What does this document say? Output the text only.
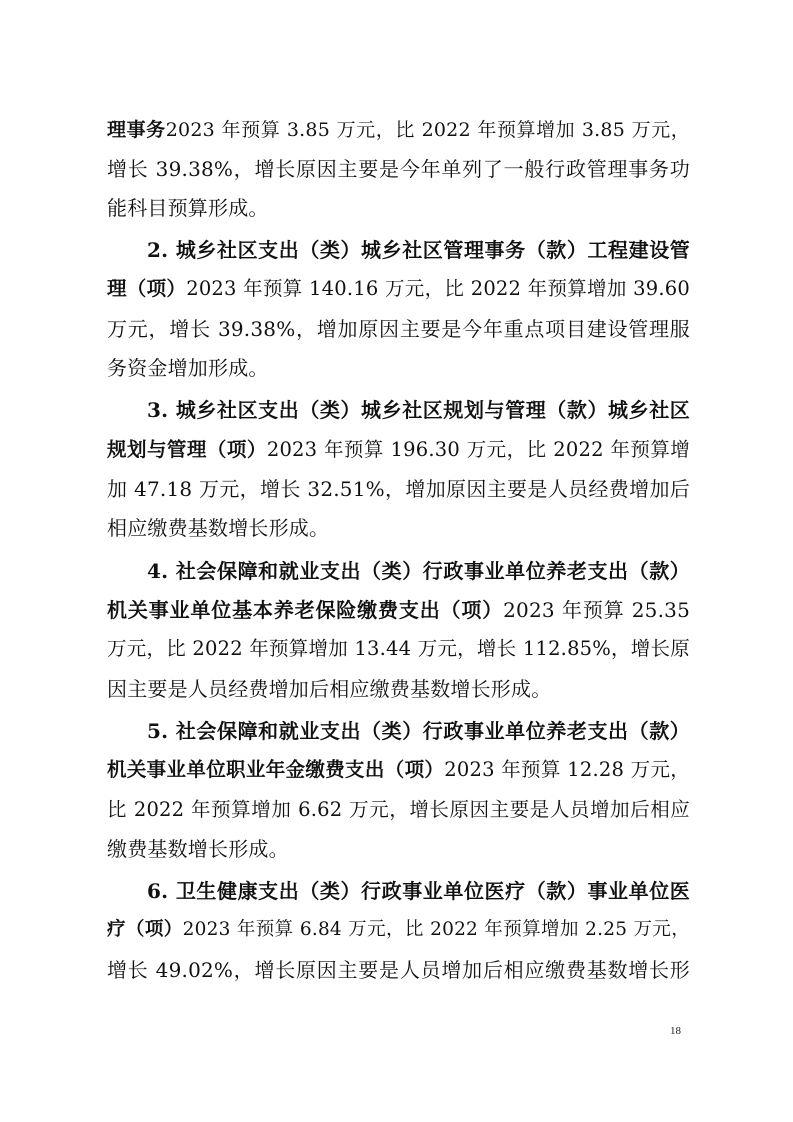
理事务2023 年预算 3.85 万元，比 2022 年预算增加 3.85 万元，
增长 39.38%，增长原因主要是今年单列了一般行政管理事务功
能科目预算形成。
2. 城乡社区支出（类）城乡社区管理事务（款）工程建设管
理（项）2023 年预算 140.16 万元，比 2022 年预算增加 39.60
万元，增长 39.38%，增加原因主要是今年重点项目建设管理服
务资金增加形成。
3. 城乡社区支出（类）城乡社区规划与管理（款）城乡社区
规划与管理（项）2023 年预算 196.30 万元，比 2022 年预算增
加 47.18 万元，增长 32.51%，增加原因主要是人员经费增加后
相应缴费基数增长形成。
4. 社会保障和就业支出（类）行政事业单位养老支出（款）
机关事业单位基本养老保险缴费支出（项）2023 年预算 25.35
万元，比 2022 年预算增加 13.44 万元，增长 112.85%，增长原
因主要是人员经费增加后相应缴费基数增长形成。
5. 社会保障和就业支出（类）行政事业单位养老支出（款）
机关事业单位职业年金缴费支出（项）2023 年预算 12.28 万元，
比 2022 年预算增加 6.62 万元，增长原因主要是人员增加后相应
缴费基数增长形成。
6. 卫生健康支出（类）行政事业单位医疗（款）事业单位医
疗（项）2023 年预算 6.84 万元，比 2022 年预算增加 2.25 万元，
增长 49.02%，增长原因主要是人员增加后相应缴费基数增长形
18
